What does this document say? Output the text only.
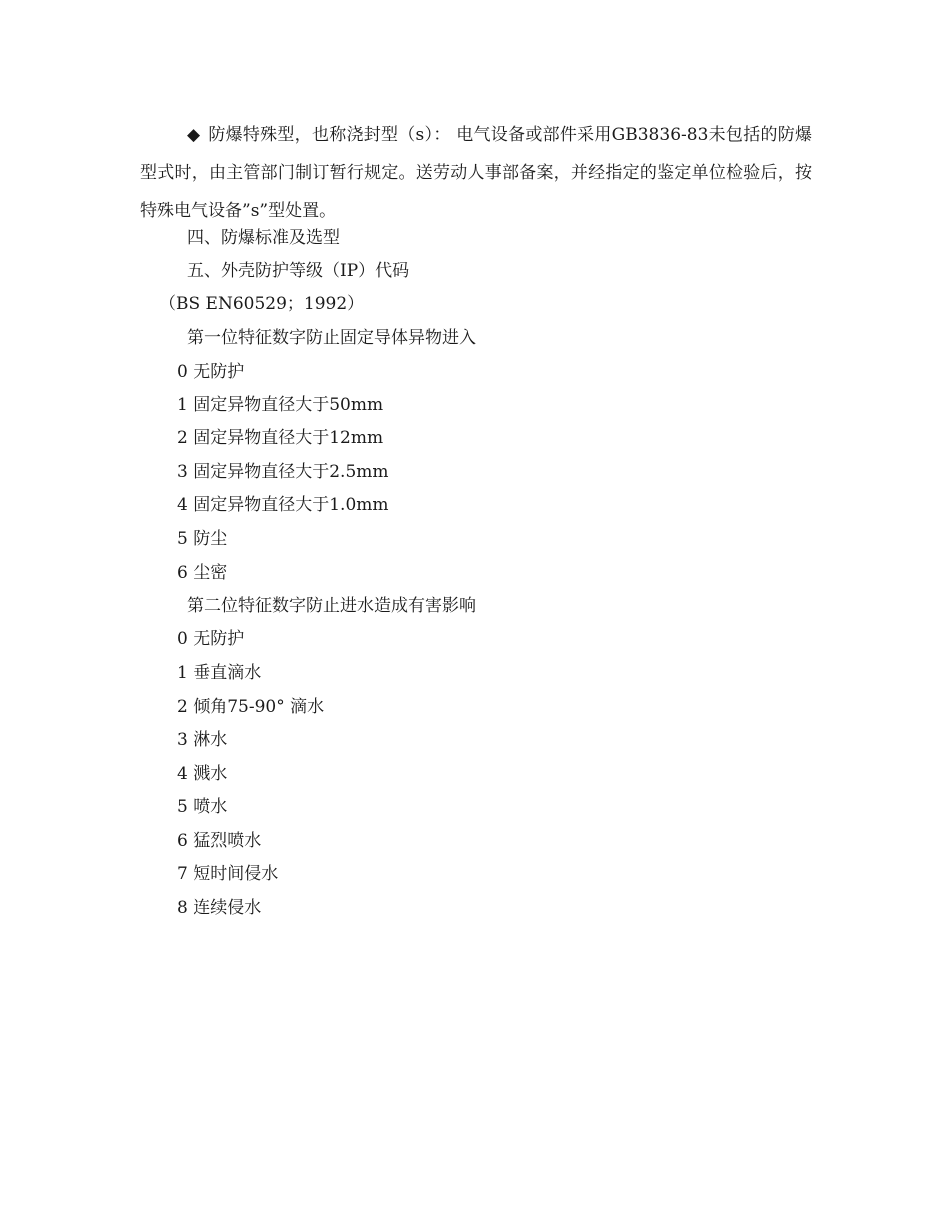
◆ 防爆特殊型，也称浇封型（s）： 电气设备或部件采用GB3836-83未包括的防爆型式时，由主管部门制订暂行规定。送劳动人事部备案，并经指定的鉴定单位检验后，按特殊电气设备”s”型处置。

四、防爆标准及选型

五、外壳防护等级（IP）代码

（BS EN60529；1992）

第一位特征数字防止固定导体异物进入

0 无防护

1 固定异物直径大于50mm

2 固定异物直径大于12mm

3 固定异物直径大于2.5mm

4 固定异物直径大于1.0mm

5 防尘

6 尘密

第二位特征数字防止进水造成有害影响

0 无防护

1 垂直滴水

2 倾角75-90° 滴水

3 淋水

4 溅水

5 喷水

6 猛烈喷水

7 短时间侵水

8 连续侵水
